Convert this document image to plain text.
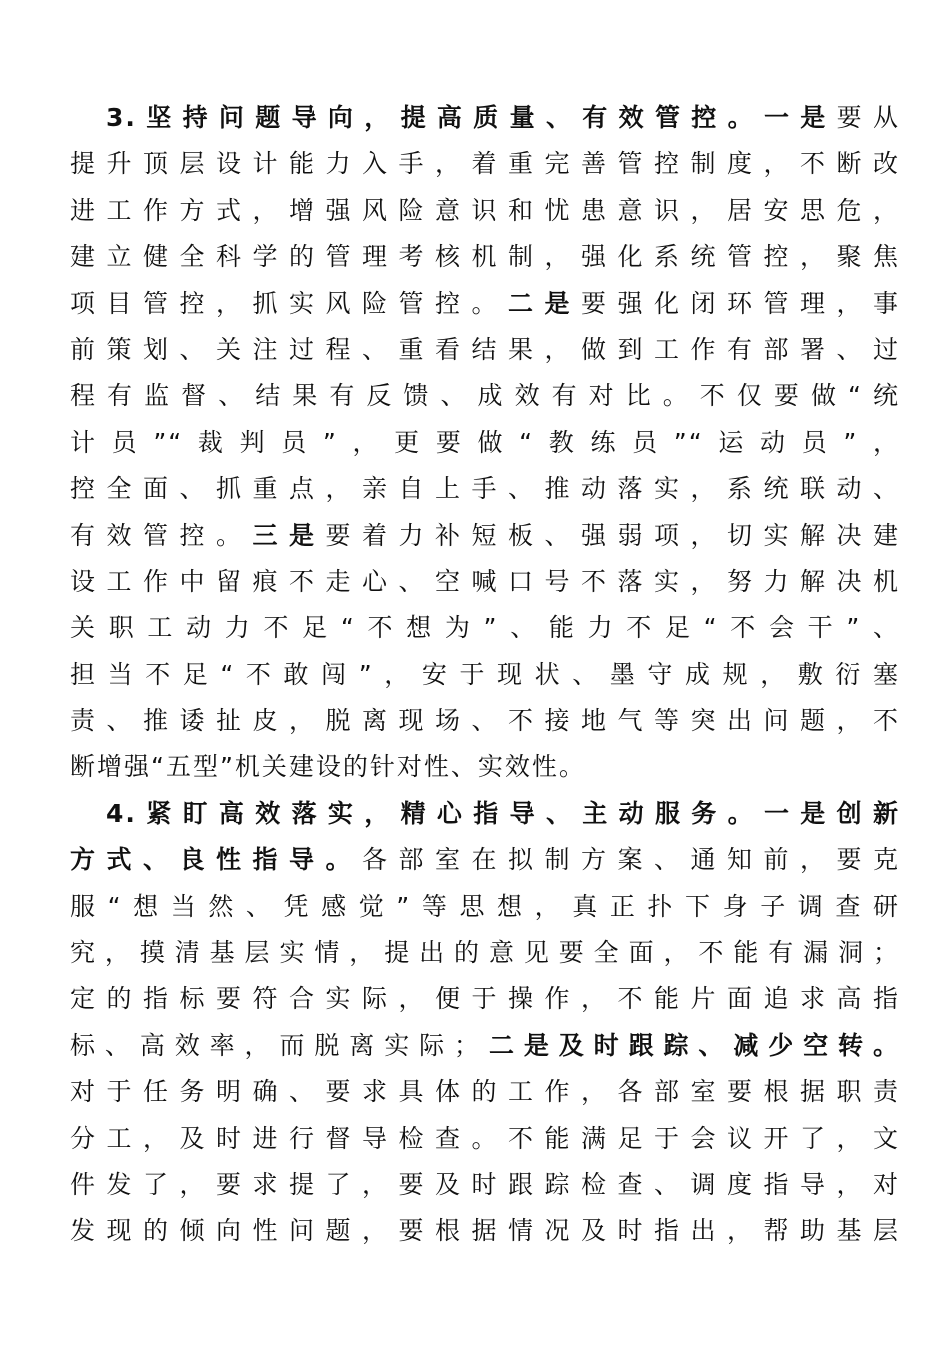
3.坚持问题导向，提高质量、有效管控。一是要从
提升顶层设计能力入手，着重完善管控制度，不断改
进工作方式，增强风险意识和忧患意识，居安思危，
建立健全科学的管理考核机制，强化系统管控，聚焦
项目管控，抓实风险管控。二是要强化闭环管理，事
前策划、关注过程、重看结果，做到工作有部署、过
程有监督、结果有反馈、成效有对比。不仅要做“统
计员”“裁判员”，更要做“教练员”“运动员”，
控全面、抓重点，亲自上手、推动落实，系统联动、
有效管控。三是要着力补短板、强弱项，切实解决建
设工作中留痕不走心、空喊口号不落实，努力解决机
关职工动力不足“不想为”、能力不足“不会干”、
担当不足“不敢闯”，安于现状、墨守成规，敷衍塞
责、推诿扯皮，脱离现场、不接地气等突出问题，不
断增强“五型”机关建设的针对性、实效性。
4.紧盯高效落实，精心指导、主动服务。一是创新
方式、良性指导。各部室在拟制方案、通知前，要克
服“想当然、凭感觉”等思想，真正扑下身子调查研
究，摸清基层实情，提出的意见要全面，不能有漏洞；
定的指标要符合实际，便于操作，不能片面追求高指
标、高效率，而脱离实际；二是及时跟踪、减少空转。
对于任务明确、要求具体的工作，各部室要根据职责
分工，及时进行督导检查。不能满足于会议开了，文
件发了，要求提了，要及时跟踪检查、调度指导，对
发现的倾向性问题，要根据情况及时指出，帮助基层
